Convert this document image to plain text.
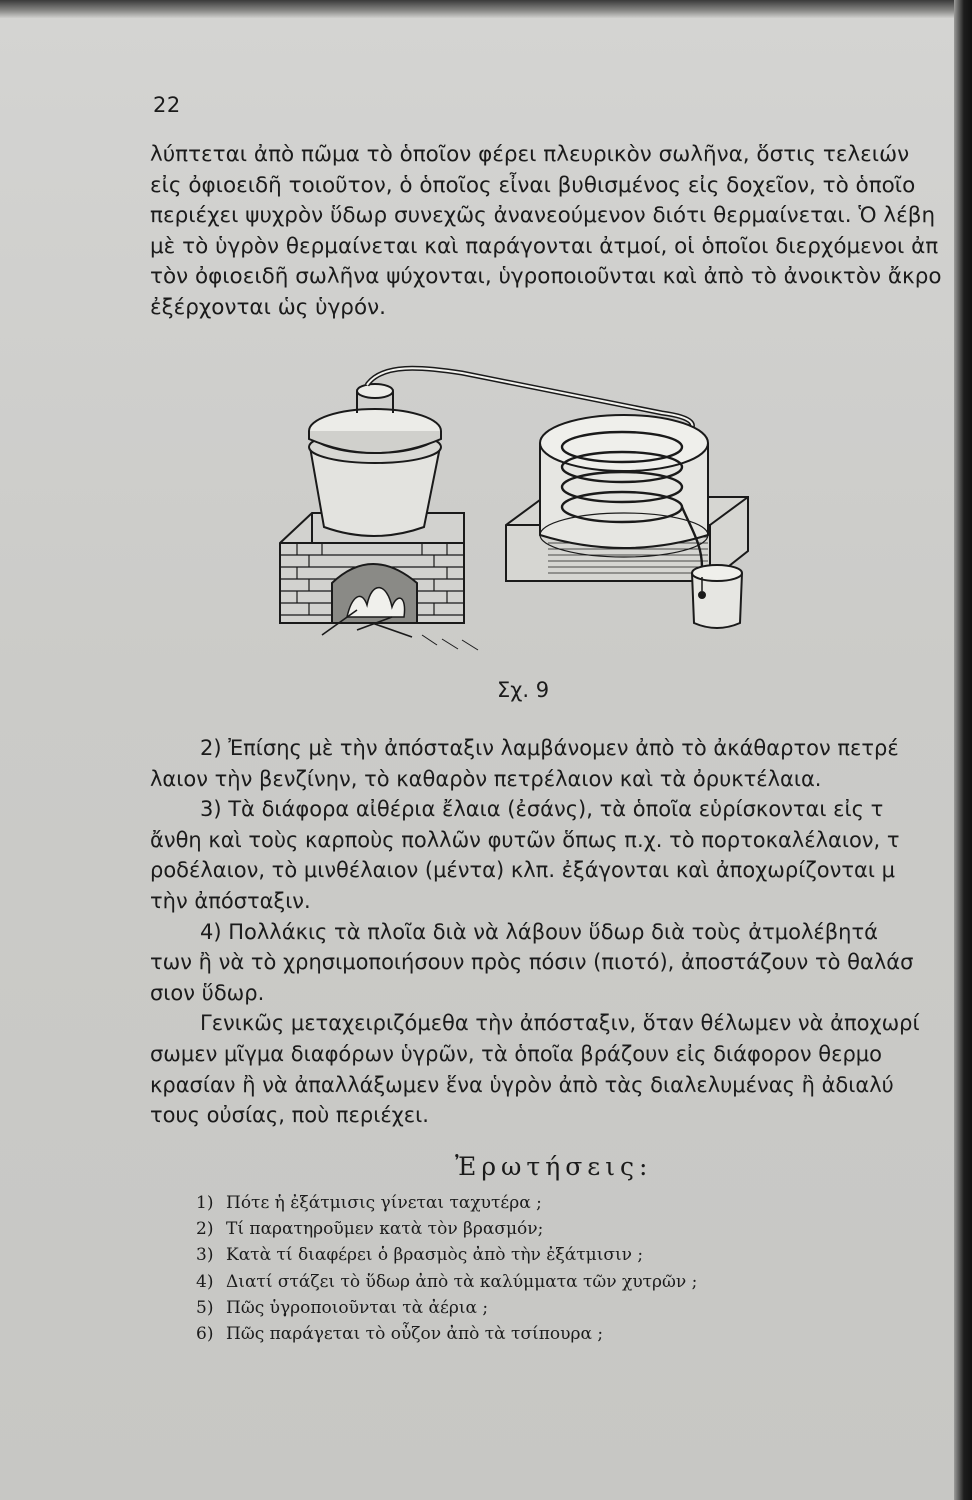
22
λύπτεται ἀπὸ πῶμα τὸ ὁποῖον φέρει πλευρικὸν σωλῆνα, ὅστις τελειών
εἰς ὀφιοειδῆ τοιοῦτον, ὁ ὁποῖος εἶναι βυθισμένος εἰς δοχεῖον, τὸ ὁποῖο
περιέχει ψυχρὸν ὕδωρ συνεχῶς ἀνανεούμενον διότι θερμαίνεται. Ὁ λέβη
μὲ τὸ ὑγρὸν θερμαίνεται καὶ παράγονται ἀτμοί, οἱ ὁποῖοι διερχόμενοι ἀπ
τὸν ὀφιοειδῆ σωλῆνα ψύχονται, ὑγροποιοῦνται καὶ ἀπὸ τὸ ἀνοικτὸν ἄκρο
ἐξέρχονται ὡς ὑγρόν.
Σχ. 9
2) Ἐπίσης μὲ τὴν ἀπόσταξιν λαμβάνομεν ἀπὸ τὸ ἀκάθαρτον πετρέ
λαιον τὴν βενζίνην, τὸ καθαρὸν πετρέλαιον καὶ τὰ ὀρυκτέλαια.
3) Τὰ διάφορα αἰθέρια ἔλαια (ἐσάνς), τὰ ὁποῖα εὑρίσκονται εἰς τ
ἄνθη καὶ τοὺς καρποὺς πολλῶν φυτῶν ὅπως π.χ. τὸ πορτοκαλέλαιον, τ
ροδέλαιον, τὸ μινθέλαιον (μέντα) κλπ. ἐξάγονται καὶ ἀποχωρίζονται μ
τὴν ἀπόσταξιν.
4) Πολλάκις τὰ πλοῖα διὰ νὰ λάβουν ὕδωρ διὰ τοὺς ἀτμολέβητά
των ἢ νὰ τὸ χρησιμοποιήσουν πρὸς πόσιν (πιοτό), ἀποστάζουν τὸ θαλάσ
σιον ὕδωρ.
Γενικῶς μεταχειριζόμεθα τὴν ἀπόσταξιν, ὅταν θέλωμεν νὰ ἀποχωρί
σωμεν μῖγμα διαφόρων ὑγρῶν, τὰ ὁποῖα βράζουν εἰς διάφορον θερμο
κρασίαν ἢ νὰ ἀπαλλάξωμεν ἕνα ὑγρὸν ἀπὸ τὰς διαλελυμένας ἢ ἀδιαλύ
τους οὐσίας, ποὺ περιέχει.
Ἐρωτήσεις:
1) Πότε ἡ ἐξάτμισις γίνεται ταχυτέρα ;
2) Τί παρατηροῦμεν κατὰ τὸν βρασμόν;
3) Κατὰ τί διαφέρει ὁ βρασμὸς ἀπὸ τὴν ἐξάτμισιν ;
4) Διατί στάζει τὸ ὕδωρ ἀπὸ τὰ καλύμματα τῶν χυτρῶν ;
5) Πῶς ὑγροποιοῦνται τὰ ἀέρια ;
6) Πῶς παράγεται τὸ οὖζον ἀπὸ τὰ τσίπουρα ;
